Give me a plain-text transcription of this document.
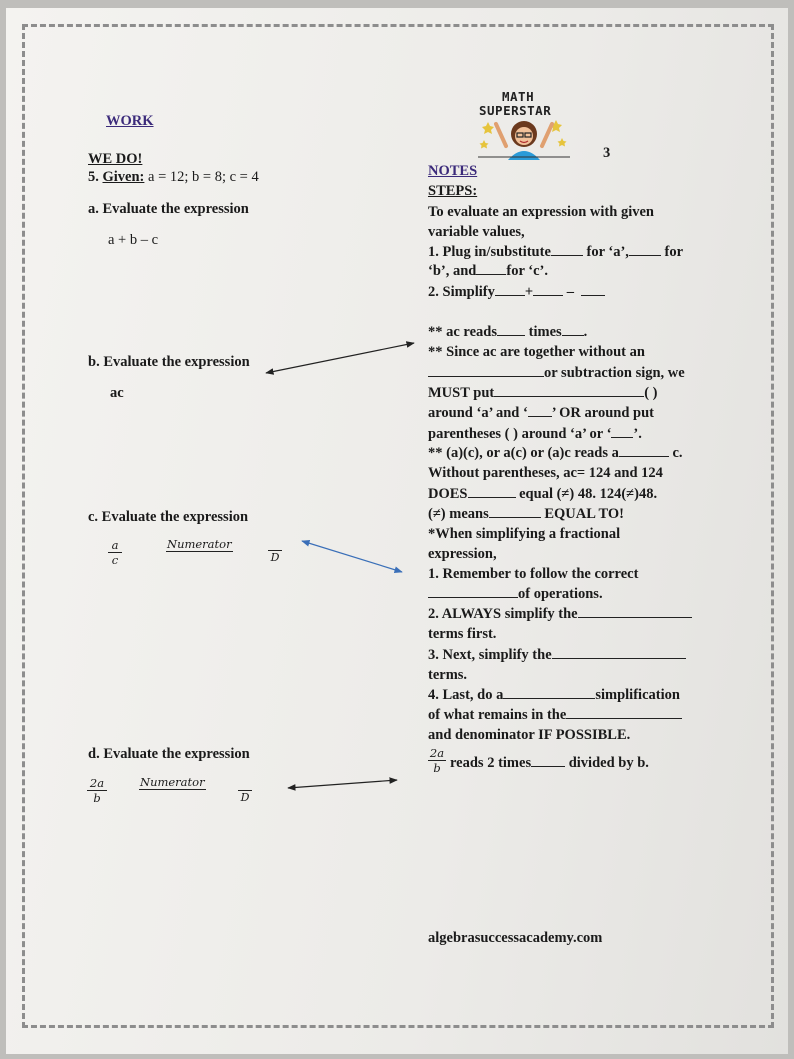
MATH
SUPERSTAR
3
WORK
WE DO!
5. Given: a = 12; b = 8; c = 4
a. Evaluate the expression
a + b – c
b. Evaluate the expression
ac
c. Evaluate the expression
$\frac{a}{c}$	Numerator
D
d. Evaluate the expression
$\frac{2a}{b}$	Numerator
D
NOTES
STEPS:
To evaluate an expression with given
variable values,
1. Plug in/substitute for ‘a’, for
‘b’, and for ‘c’.
2. Simplify + –
** ac reads times .
** Since ac are together without an
or subtraction sign, we
MUST put	( )
around ‘a’ and ‘ ’ OR around put
parentheses ( ) around ‘a’ or ‘ ’.
** (a)(c), or a(c) or (a)c reads a	c.
Without parentheses, ac= 124 and 124
DOES	equal (≠) 48. 124(≠)48.
(≠) means	EQUAL TO!
*When simplifying a fractional
expression,
1. Remember to follow the correct
of operations.
2. ALWAYS simplify the
terms first.
3. Next, simplify the
terms.
4. Last, do a	simplification
of what remains in the
and denominator IF POSSIBLE.
$\frac{2a}{b}$ reads 2 times	divided by b.
algebrasuccessacademy.com
